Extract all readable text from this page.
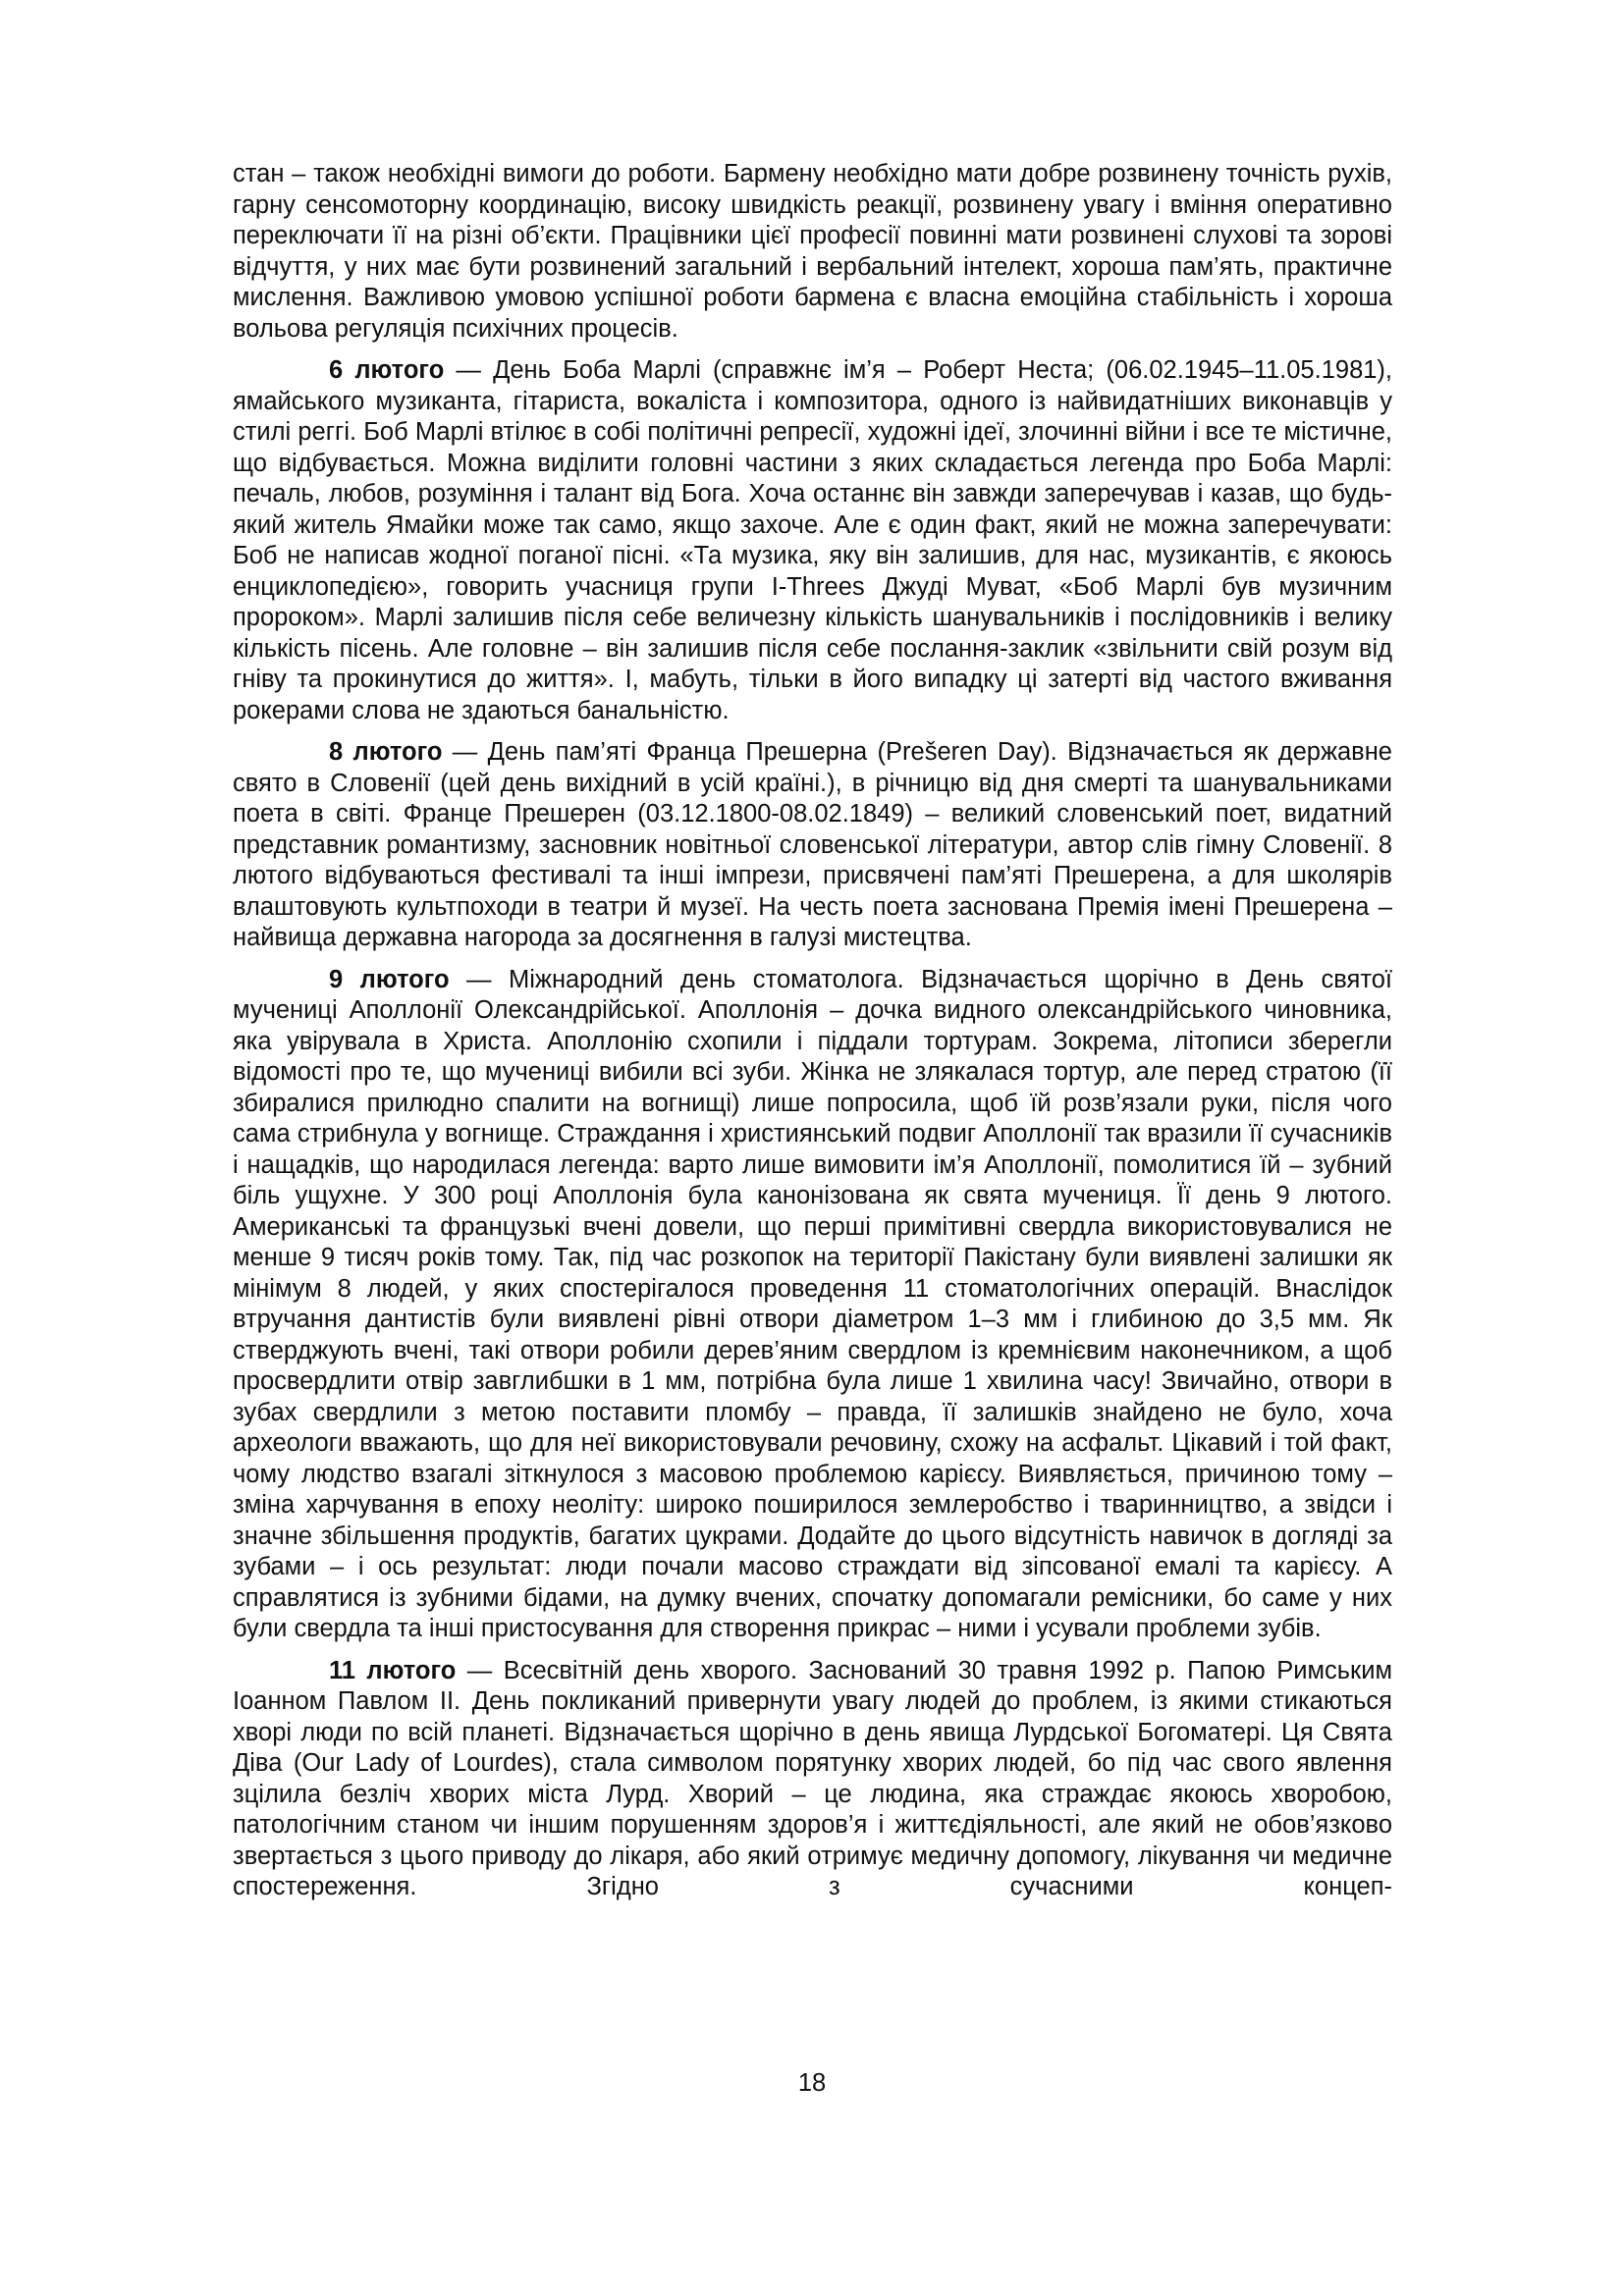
стан – також необхідні вимоги до роботи. Бармену необхідно мати добре розвинену точність рухів, гарну сенсомоторну координацію, високу швидкість реакції, розвинену увагу і вміння оперативно переключати її на різні об’єкти. Працівники цієї професії повинні мати розвинені слухові та зорові відчуття, у них має бути розвинений загальний і вербальний інтелект, хороша пам’ять, практичне мислення. Важливою умовою успішної роботи бармена є власна емоційна стабільність і хороша вольова регуляція психічних процесів.

6 лютого — День Боба Марлі (справжнє ім’я – Роберт Неста; (06.02.1945–11.05.1981), ямайського музиканта, гітариста, вокаліста і композитора, одного із найвидатніших виконавців у стилі реггі. Боб Марлі втілює в собі політичні репресії, художні ідеї, злочинні війни і все те містичне, що відбувається. Можна виділити головні частини з яких складається легенда про Боба Марлі: печаль, любов, розуміння і талант від Бога. Хоча останнє він завжди заперечував і казав, що будь-який житель Ямайки може так само, якщо захоче. Але є один факт, який не можна заперечувати: Боб не написав жодної поганої пісні. «Та музика, яку він залишив, для нас, музикантів, є якоюсь енциклопедією», говорить учасниця групи I-Threes Джуді Муват, «Боб Марлі був музичним пророком». Марлі залишив після себе величезну кількість шанувальників і послідовників і велику кількість пісень. Але головне – він залишив після себе послання-заклик «звільнити свій розум від гніву та прокинутися до життя». І, мабуть, тільки в його випадку ці затерті від частого вживання рокерами слова не здаються банальністю.

8 лютого — День пам’яті Франца Прешерна (Prešeren Day). Відзначається як державне свято в Словенії (цей день вихідний в усій країні.), в річницю від дня смерті та шанувальниками поета в світі. Франце Прешерен (03.12.1800-08.02.1849) – великий словенський поет, видатний представник романтизму, засновник новітньої словенської літератури, автор слів гімну Словенії. 8 лютого відбуваються фестивалі та інші імпрези, присвячені пам’яті Прешерена, а для школярів влаштовують культпоходи в театри й музеї. На честь поета заснована Премія імені Прешерена – найвища державна нагорода за досягнення в галузі мистецтва.

9 лютого — Міжнародний день стоматолога. Відзначається щорічно в День святої мучениці Аполлонії Олександрійської. Аполлонія – дочка видного олександрійського чиновника, яка увірувала в Христа. Аполлонію схопили і піддали тортурам. Зокрема, літописи зберегли відомості про те, що мучениці вибили всі зуби. Жінка не злякалася тортур, але перед стратою (її збиралися прилюдно спалити на вогнищі) лише попросила, щоб їй розв’язали руки, після чого сама стрибнула у вогнище. Страждання і християнський подвиг Аполлонії так вразили її сучасників і нащадків, що народилася легенда: варто лише вимовити ім’я Аполлонії, помолитися їй – зубний біль ущухне. У 300 році Аполлонія була канонізована як свята мучениця. Її день 9 лютого. Американські та французькі вчені довели, що перші примітивні свердла використовувалися не менше 9 тисяч років тому. Так, під час розкопок на території Пакістану були виявлені залишки як мінімум 8 людей, у яких спостерігалося проведення 11 стоматологічних операцій. Внаслідок втручання дантистів були виявлені рівні отвори діаметром 1–3 мм і глибиною до 3,5 мм. Як стверджують вчені, такі отвори робили дерев’яним свердлом із кремнієвим наконечником, а щоб просвердлити отвір завглибшки в 1 мм, потрібна була лише 1 хвилина часу! Звичайно, отвори в зубах свердлили з метою поставити пломбу – правда, її залишків знайдено не було, хоча археологи вважають, що для неї використовували речовину, схожу на асфальт. Цікавий і той факт, чому людство взагалі зіткнулося з масовою проблемою карієсу. Виявляється, причиною тому – зміна харчування в епоху неоліту: широко поширилося землеробство і тваринництво, а звідси і значне збільшення продуктів, багатих цукрами. Додайте до цього відсутність навичок в догляді за зубами – і ось результат: люди почали масово страждати від зіпсованої емалі та карієсу. А справлятися із зубними бідами, на думку вчених, спочатку допомагали ремісники, бо саме у них були свердла та інші пристосування для створення прикрас – ними і усували проблеми зубів.

11 лютого — Всесвітній день хворого. Заснований 30 травня 1992 р. Папою Римським Іоанном Павлом ІІ. День покликаний привернути увагу людей до проблем, із якими стикаються хворі люди по всій планеті. Відзначається щорічно в день явища Лурдської Богоматері. Ця Свята Діва (Our Lady of Lourdes), стала символом порятунку хворих людей, бо під час свого явлення зцілила безліч хворих міста Лурд. Хворий – це людина, яка страждає якоюсь хворобою, патологічним станом чи іншим порушенням здоров’я і життєдіяльності, але який не обов’язково звертається з цього приводу до лікаря, або який отримує медичну допомогу, лікування чи медичне спостереження. Згідно з сучасними концеп-

18
